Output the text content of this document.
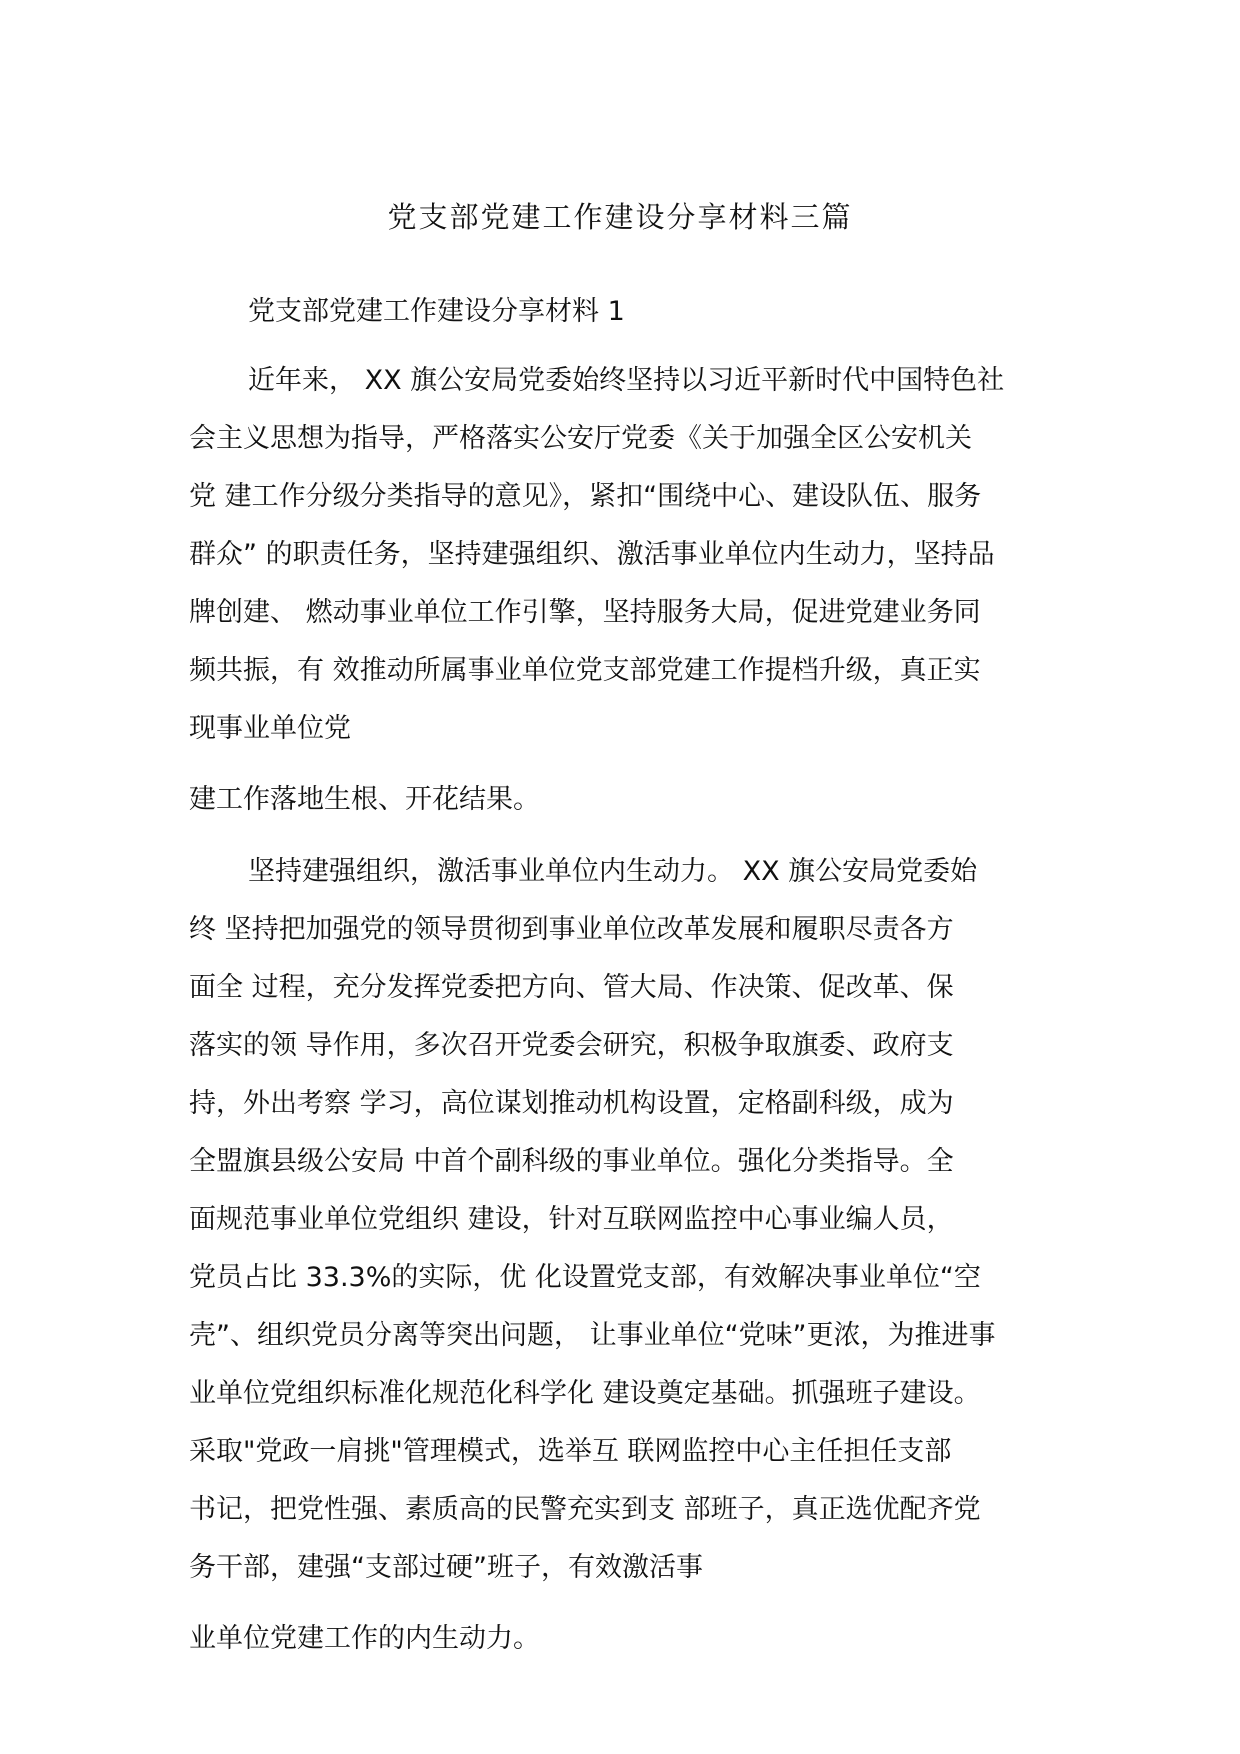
党支部党建工作建设分享材料三篇
党支部党建工作建设分享材料 1
近年来， XX 旗公安局党委始终坚持以习近平新时代中国特色社
会主义思想为指导，严格落实公安厅党委《关于加强全区公安机关
党 建工作分级分类指导的意见》，紧扣“围绕中心、建设队伍、服务
群众” 的职责任务，坚持建强组织、激活事业单位内生动力，坚持品
牌创建、 燃动事业单位工作引擎，坚持服务大局，促进党建业务同
频共振，有 效推动所属事业单位党支部党建工作提档升级，真正实
现事业单位党
建工作落地生根、开花结果。
坚持建强组织，激活事业单位内生动力。 XX 旗公安局党委始
终 坚持把加强党的领导贯彻到事业单位改革发展和履职尽责各方
面全 过程，充分发挥党委把方向、管大局、作决策、促改革、保
落实的领 导作用，多次召开党委会研究，积极争取旗委、政府支
持，外出考察 学习，高位谋划推动机构设置，定格副科级，成为
全盟旗县级公安局 中首个副科级的事业单位。强化分类指导。全
面规范事业单位党组织 建设，针对互联网监控中心事业编人员，
党员占比 33.3%的实际，优 化设置党支部，有效解决事业单位“空
壳”、组织党员分离等突出问题， 让事业单位“党味”更浓，为推进事
业单位党组织标准化规范化科学化 建设奠定基础。抓强班子建设。
采取"党政一肩挑"管理模式，选举互 联网监控中心主任担任支部
书记，把党性强、素质高的民警充实到支 部班子，真正选优配齐党
务干部，建强“支部过硬”班子，有效激活事
业单位党建工作的内生动力。
